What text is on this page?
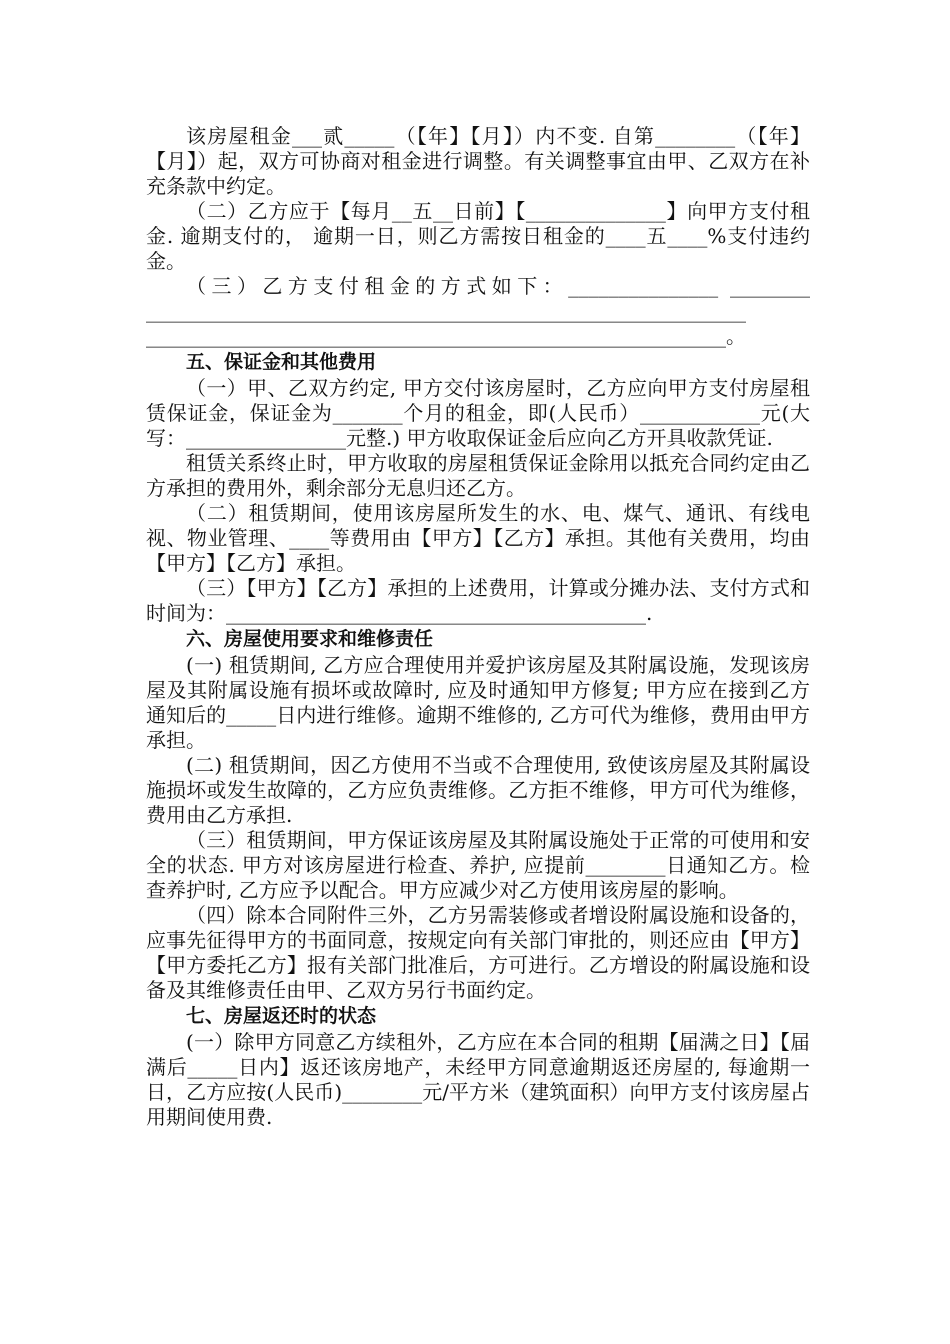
该房屋租金___贰_____（【年】【月】）内不变. 自第________（【年】【月】）起，双方可协商对租金进行调整。有关调整事宜由甲、乙双方在补充条款中约定。

（二）乙方应于【每月__五__日前】【______________】向甲方支付租金. 逾期支付的， 逾期一日，则乙方需按日租金的____五____%支付违约金。

（三）乙方支付租金的方式如下：_______________ ________ ____________________________________________________________ __________________________________________________________。

五、保证金和其他费用

（一）甲、乙双方约定, 甲方交付该房屋时，乙方应向甲方支付房屋租赁保证金，保证金为_______个月的租金，即(人民币）____________元(大写：________________元整.) 甲方收取保证金后应向乙方开具收款凭证.

租赁关系终止时，甲方收取的房屋租赁保证金除用以抵充合同约定由乙方承担的费用外，剩余部分无息归还乙方。

（二）租赁期间，使用该房屋所发生的水、电、煤气、通讯、有线电视、物业管理、____等费用由【甲方】【乙方】承担。其他有关费用，均由【甲方】【乙方】承担。

（三）【甲方】【乙方】承担的上述费用，计算或分摊办法、支付方式和时间为：__________________________________________.

六、房屋使用要求和维修责任

(一) 租赁期间, 乙方应合理使用并爱护该房屋及其附属设施，发现该房屋及其附属设施有损坏或故障时, 应及时通知甲方修复; 甲方应在接到乙方通知后的_____日内进行维修。逾期不维修的, 乙方可代为维修，费用由甲方承担。

(二) 租赁期间，因乙方使用不当或不合理使用, 致使该房屋及其附属设施损坏或发生故障的，乙方应负责维修。乙方拒不维修，甲方可代为维修，费用由乙方承担.

（三）租赁期间，甲方保证该房屋及其附属设施处于正常的可使用和安全的状态. 甲方对该房屋进行检查、养护, 应提前________日通知乙方。检查养护时, 乙方应予以配合。甲方应减少对乙方使用该房屋的影响。

（四）除本合同附件三外，乙方另需装修或者增设附属设施和设备的，应事先征得甲方的书面同意，按规定向有关部门审批的，则还应由【甲方】【甲方委托乙方】报有关部门批准后，方可进行。乙方增设的附属设施和设备及其维修责任由甲、乙双方另行书面约定。

七、房屋返还时的状态

(一）除甲方同意乙方续租外，乙方应在本合同的租期【届满之日】【届满后_____日内】返还该房地产，未经甲方同意逾期返还房屋的, 每逾期一日，乙方应按(人民币)________元/平方米（建筑面积）向甲方支付该房屋占用期间使用费.
